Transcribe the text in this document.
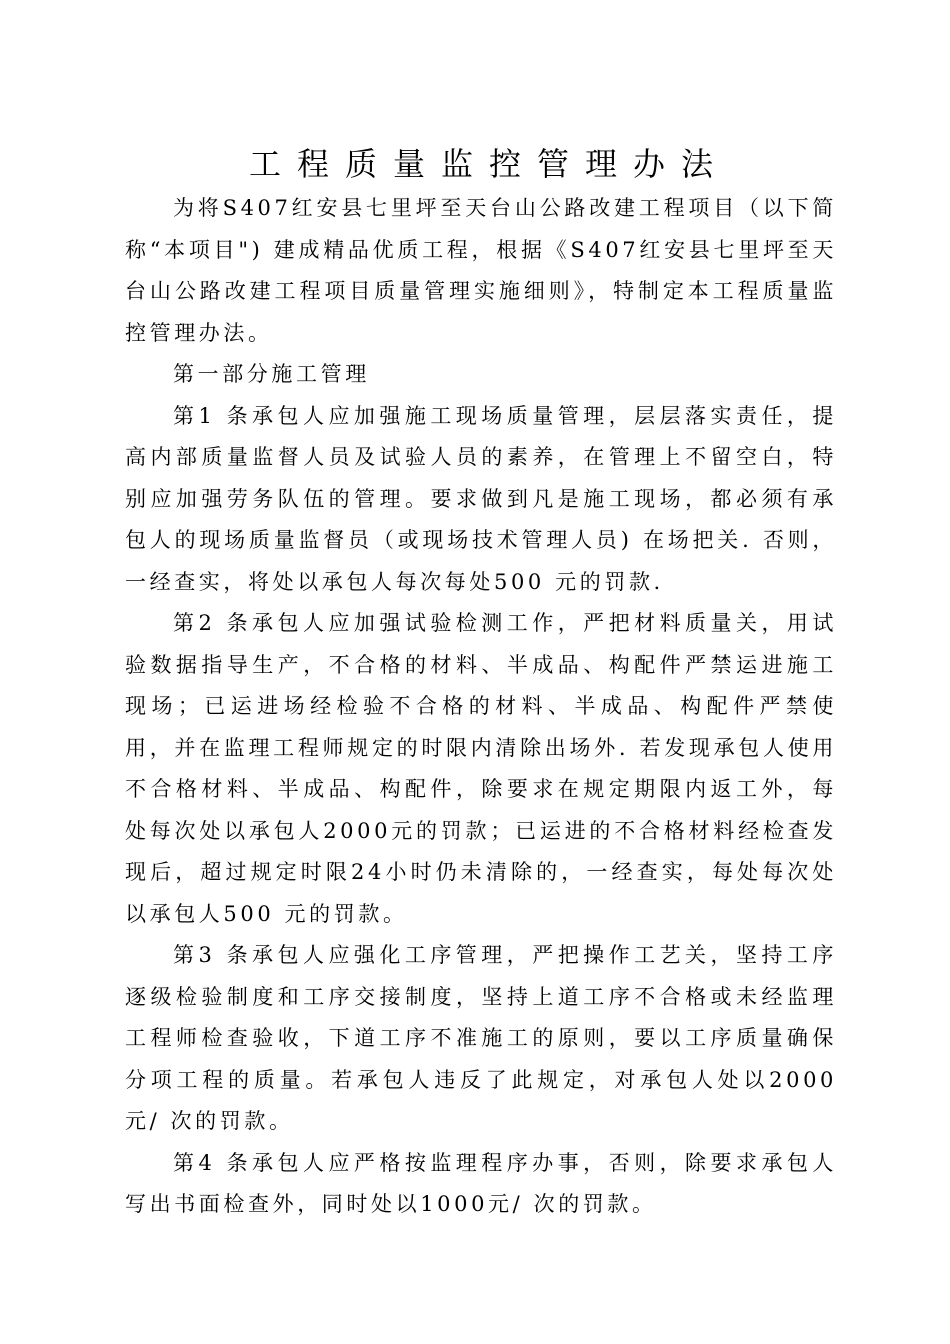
工程质量监控管理办法

为将S407红安县七里坪至天台山公路改建工程项目（以下简称“本项目") 建成精品优质工程，根据《S407红安县七里坪至天台山公路改建工程项目质量管理实施细则》，特制定本工程质量监控管理办法。

第一部分施工管理

第1 条承包人应加强施工现场质量管理，层层落实责任，提高内部质量监督人员及试验人员的素养，在管理上不留空白，特别应加强劳务队伍的管理。要求做到凡是施工现场，都必须有承包人的现场质量监督员（或现场技术管理人员) 在场把关. 否则，一经查实，将处以承包人每次每处500 元的罚款.

第2 条承包人应加强试验检测工作，严把材料质量关，用试验数据指导生产，不合格的材料、半成品、构配件严禁运进施工现场；已运进场经检验不合格的材料、半成品、构配件严禁使用，并在监理工程师规定的时限内清除出场外. 若发现承包人使用不合格材料、半成品、构配件，除要求在规定期限内返工外，每处每次处以承包人2000元的罚款；已运进的不合格材料经检查发现后，超过规定时限24小时仍未清除的，一经查实，每处每次处以承包人500 元的罚款。

第3 条承包人应强化工序管理，严把操作工艺关，坚持工序逐级检验制度和工序交接制度，坚持上道工序不合格或未经监理工程师检查验收，下道工序不准施工的原则，要以工序质量确保分项工程的质量。若承包人违反了此规定，对承包人处以2000元/ 次的罚款。

第4 条承包人应严格按监理程序办事，否则，除要求承包人写出书面检查外，同时处以1000元/ 次的罚款。
